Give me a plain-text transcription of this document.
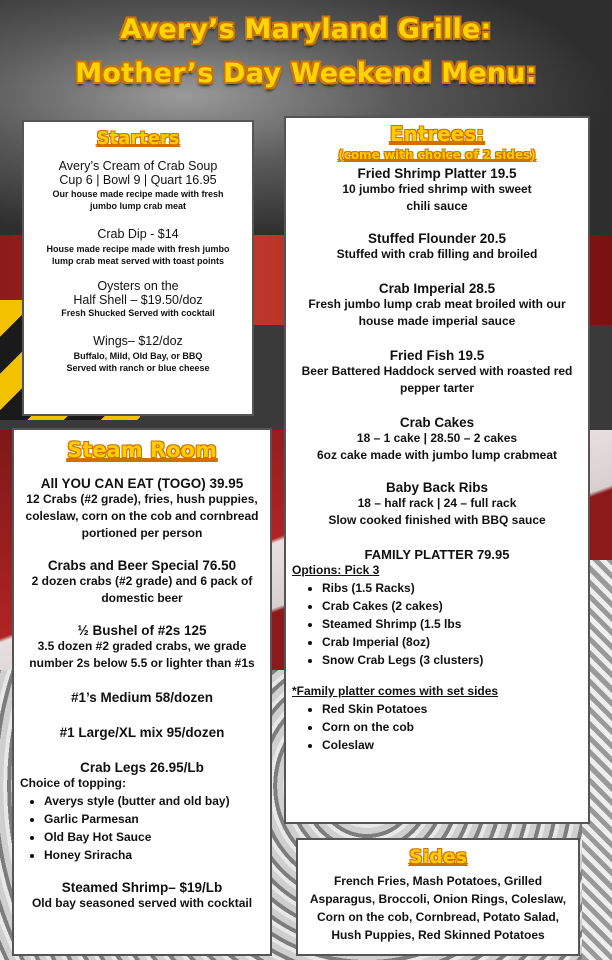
Avery’s Maryland Grille:
Mother’s Day Weekend Menu:
Starters
Avery’s Cream of Crab Soup
Cup 6 | Bowl 9 | Quart 16.95
Our house made recipe made with fresh jumbo lump crab meat
Crab Dip - $14
House made recipe made with fresh jumbo lump crab meat served with toast points
Oysters on the
Half Shell – $19.50/doz
Fresh Shucked Served with cocktail
Wings– $12/doz
Buffalo, Mild, Old Bay, or BBQ
Served with ranch or blue cheese
Entrees:
(come with choice of 2 sides)
Fried Shrimp Platter 19.5
10 jumbo fried shrimp with sweet chili sauce
Stuffed Flounder 20.5
Stuffed with crab filling and broiled
Crab Imperial 28.5
Fresh jumbo lump crab meat broiled with our house made imperial sauce
Fried Fish 19.5
Beer Battered Haddock served with roasted red pepper tarter
Crab Cakes
18 – 1 cake | 28.50 – 2 cakes
6oz cake made with jumbo lump crabmeat
Baby Back Ribs
18 – half rack | 24 – full rack
Slow cooked finished with BBQ sauce
FAMILY PLATTER 79.95
Options: Pick 3
• Ribs (1.5 Racks)
• Crab Cakes (2 cakes)
• Steamed Shrimp (1.5 lbs
• Crab Imperial (8oz)
• Snow Crab Legs (3 clusters)
*Family platter comes with set sides
• Red Skin Potatoes
• Corn on the cob
• Coleslaw
Steam Room
All YOU CAN EAT (TOGO) 39.95
12 Crabs (#2 grade), fries, hush puppies, coleslaw, corn on the cob and cornbread portioned per person
Crabs and Beer Special 76.50
2 dozen crabs (#2 grade) and 6 pack of domestic beer
½ Bushel of #2s 125
3.5 dozen #2 graded crabs, we grade number 2s below 5.5 or lighter than #1s
#1’s Medium 58/dozen
#1 Large/XL mix 95/dozen
Crab Legs 26.95/Lb
Choice of topping:
• Averys style (butter and old bay)
• Garlic Parmesan
• Old Bay Hot Sauce
• Honey Sriracha
Steamed Shrimp– $19/Lb
Old bay seasoned served with cocktail
Sides
French Fries, Mash Potatoes, Grilled Asparagus, Broccoli, Onion Rings, Coleslaw, Corn on the cob, Cornbread, Potato Salad, Hush Puppies, Red Skinned Potatoes
